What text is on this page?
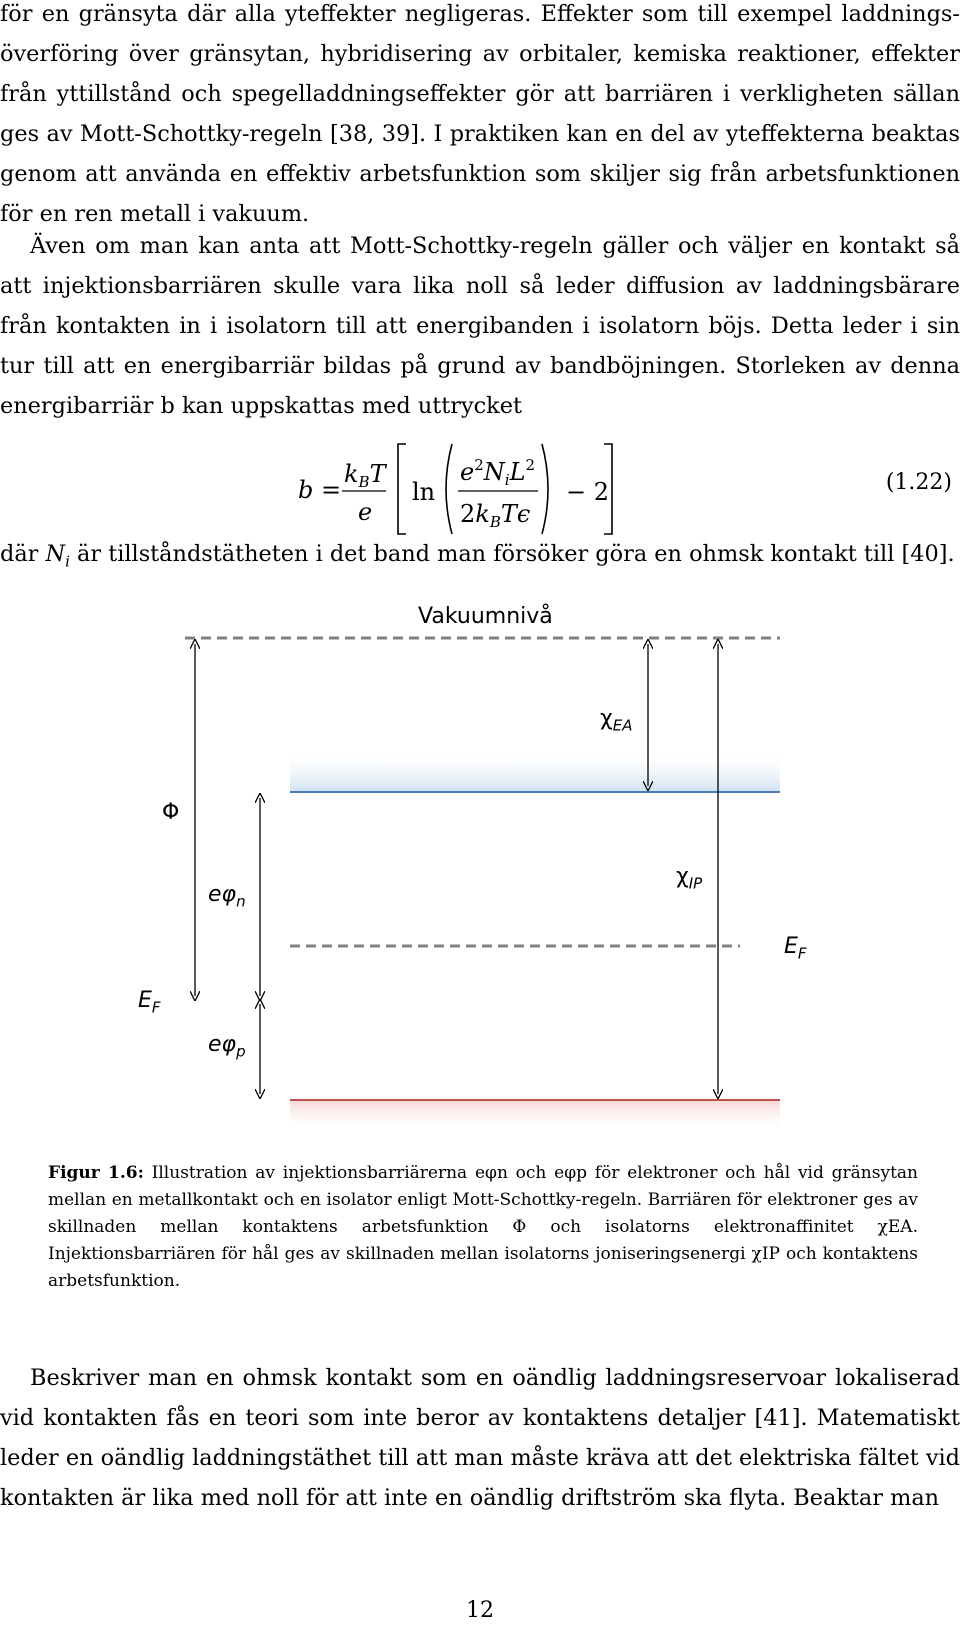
för en gränsyta där alla yteffekter negligeras. Effekter som till exempel laddnings-överföring över gränsytan, hybridisering av orbitaler, kemiska reaktioner, effekter från yttillstånd och spegelladdningseffekter gör att barriären i verkligheten sällan ges av Mott-Schottky-regeln [38, 39]. I praktiken kan en del av yteffekterna beaktas genom att använda en effektiv arbetsfunktion som skiljer sig från arbetsfunktionen för en ren metall i vakuum.

Även om man kan anta att Mott-Schottky-regeln gäller och väljer en kontakt så att injektionsbarriären skulle vara lika noll så leder diffusion av laddningsbärare från kontakten in i isolatorn till att energibanden i isolatorn böjs. Detta leder i sin tur till att en energibarriär bildas på grund av bandböjningen. Storleken av denna energibarriär b kan uppskattas med uttrycket

b =
$k_BT$
e
ln
$e^2N_iL^2$
$2k_BT\epsilon$
− 2	(1.22)

där $N_i$ är tillståndstätheten i det band man försöker göra en ohmsk kontakt till [40].

Vakuumnivå
$\chi_{EA}$
Φ
$\chi_{IP}$
$e\varphi_n$
$E_F$
$E_F$
$e\varphi_p$
Figur 1.6: Illustration av injektionsbarriärerna eφn och eφp för elektroner och hål vid gränsytan mellan en metallkontakt och en isolator enligt Mott-Schottky-regeln. Barriären för elektroner ges av skillnaden mellan kontaktens arbetsfunktion Φ och isolatorns elektronaffinitet χEA. Injektionsbarriären för hål ges av skillnaden mellan isolatorns joniseringsenergi χIP och kontaktens arbetsfunktion.

Beskriver man en ohmsk kontakt som en oändlig laddningsreservoar lokaliserad vid kontakten fås en teori som inte beror av kontaktens detaljer [41]. Matematiskt leder en oändlig laddningstäthet till att man måste kräva att det elektriska fältet vid kontakten är lika med noll för att inte en oändlig driftström ska flyta. Beaktar man

12
